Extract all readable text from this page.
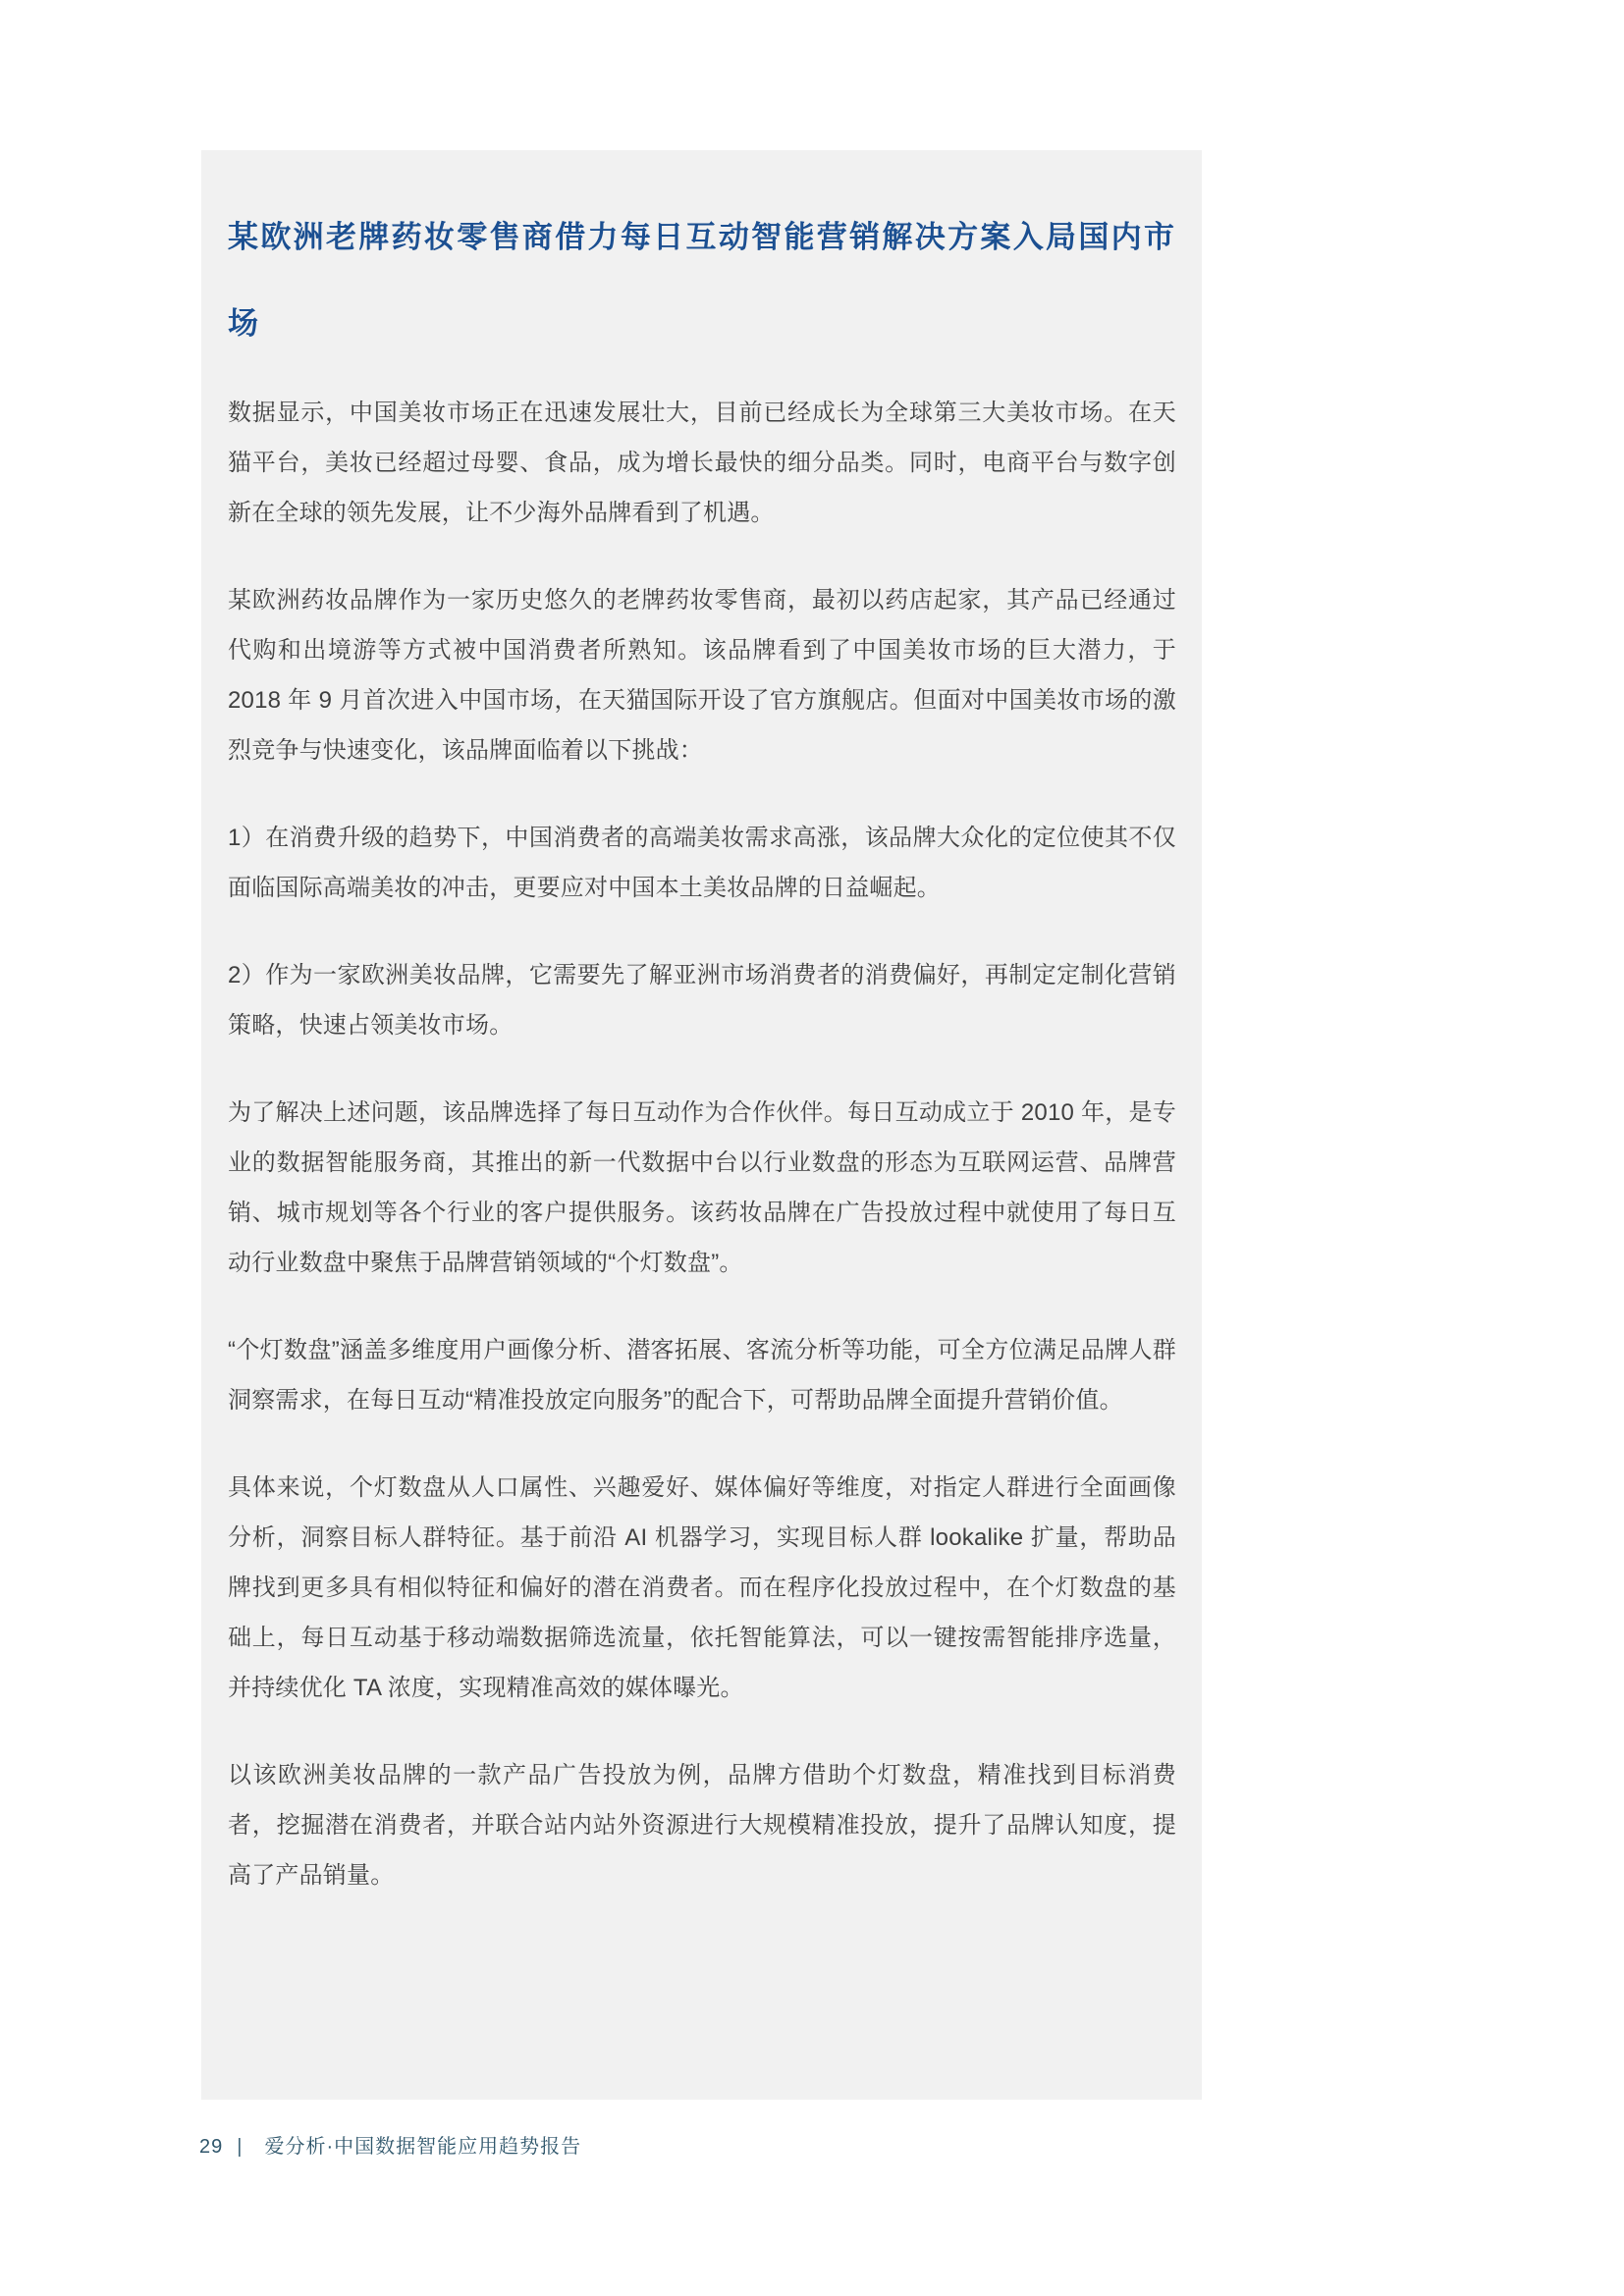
某欧洲老牌药妆零售商借力每日互动智能营销解决方案入局国内市场

数据显示，中国美妆市场正在迅速发展壮大，目前已经成长为全球第三大美妆市场。在天猫平台，美妆已经超过母婴、食品，成为增长最快的细分品类。同时，电商平台与数字创新在全球的领先发展，让不少海外品牌看到了机遇。

某欧洲药妆品牌作为一家历史悠久的老牌药妆零售商，最初以药店起家，其产品已经通过代购和出境游等方式被中国消费者所熟知。该品牌看到了中国美妆市场的巨大潜力，于 2018 年 9 月首次进入中国市场，在天猫国际开设了官方旗舰店。但面对中国美妆市场的激烈竞争与快速变化，该品牌面临着以下挑战：

1）在消费升级的趋势下，中国消费者的高端美妆需求高涨，该品牌大众化的定位使其不仅面临国际高端美妆的冲击，更要应对中国本土美妆品牌的日益崛起。

2）作为一家欧洲美妆品牌，它需要先了解亚洲市场消费者的消费偏好，再制定定制化营销策略，快速占领美妆市场。

为了解决上述问题，该品牌选择了每日互动作为合作伙伴。每日互动成立于 2010 年，是专业的数据智能服务商，其推出的新一代数据中台以行业数盘的形态为互联网运营、品牌营销、城市规划等各个行业的客户提供服务。该药妆品牌在广告投放过程中就使用了每日互动行业数盘中聚焦于品牌营销领域的“个灯数盘”。

“个灯数盘”涵盖多维度用户画像分析、潜客拓展、客流分析等功能，可全方位满足品牌人群洞察需求，在每日互动“精准投放定向服务”的配合下，可帮助品牌全面提升营销价值。

具体来说，个灯数盘从人口属性、兴趣爱好、媒体偏好等维度，对指定人群进行全面画像分析，洞察目标人群特征。基于前沿 AI 机器学习，实现目标人群 lookalike 扩量，帮助品牌找到更多具有相似特征和偏好的潜在消费者。而在程序化投放过程中，在个灯数盘的基础上，每日互动基于移动端数据筛选流量，依托智能算法，可以一键按需智能排序选量，并持续优化 TA 浓度，实现精准高效的媒体曝光。

以该欧洲美妆品牌的一款产品广告投放为例，品牌方借助个灯数盘，精准找到目标消费者，挖掘潜在消费者，并联合站内站外资源进行大规模精准投放，提升了品牌认知度，提高了产品销量。

29 | 爱分析·中国数据智能应用趋势报告
